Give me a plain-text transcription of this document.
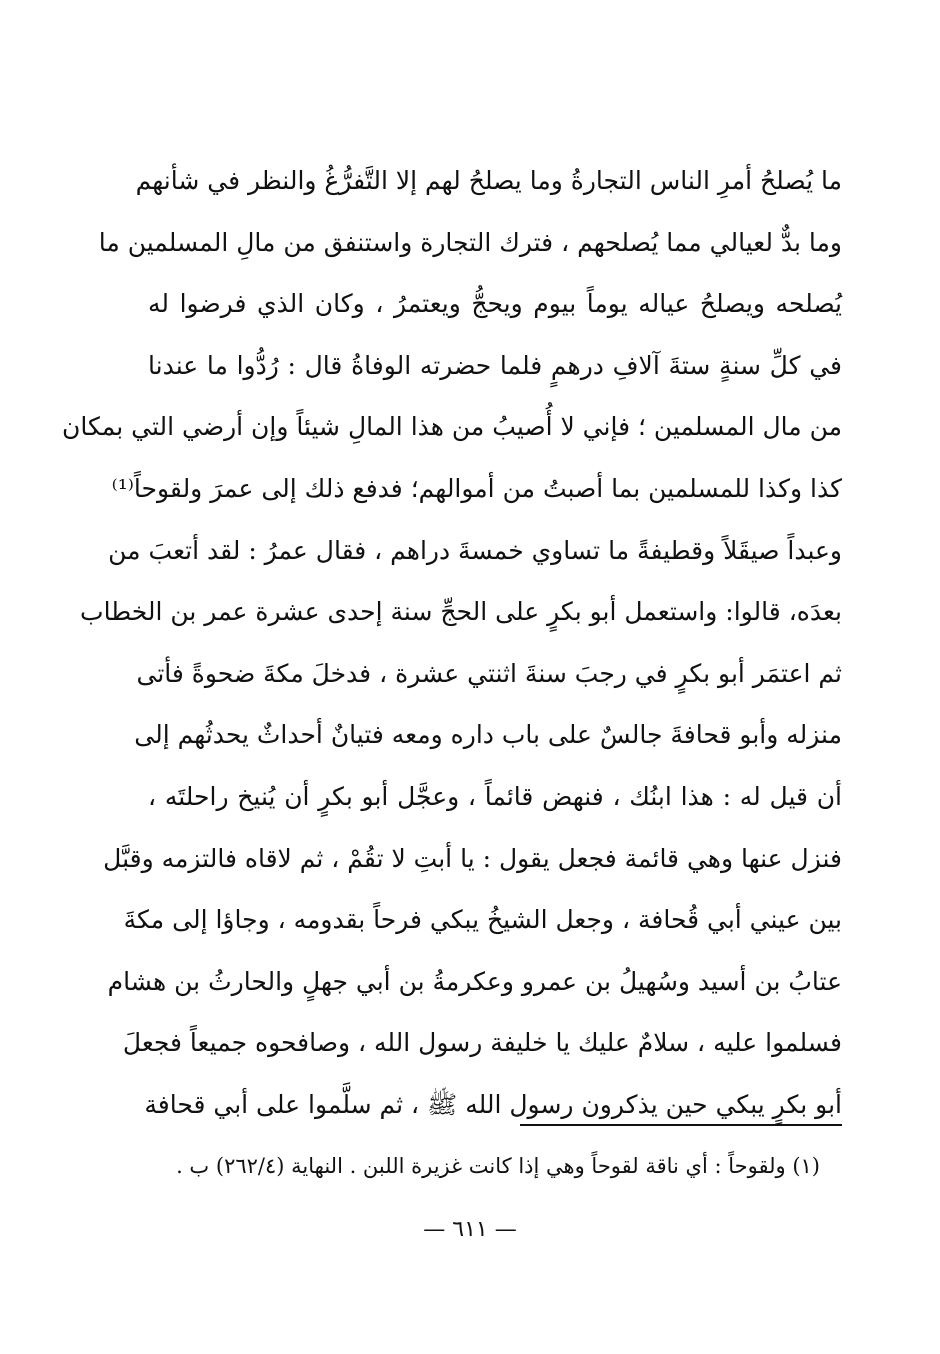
ما يُصلحُ أمرِ الناس التجارةُ وما يصلحُ لهم إلا التَّفرُّغُ والنظر في شأنهم
وما بدٌّ لعيالي مما يُصلحهم ، فترك التجارة واستنفق من مالِ المسلمين ما
يُصلحه ويصلحُ عياله يوماً بيوم ويحجُّ ويعتمرُ ، وكان الذي فرضوا له
في كلِّ سنةٍ ستةَ آلافِ درهمٍ فلما حضرته الوفاةُ قال : رُدُّوا ما عندنا
من مال المسلمين ؛ فإني لا أُصيبُ من هذا المالِ شيئاً وإن أرضي التي بمكان
كذا وكذا للمسلمين بما أصبتُ من أموالهم؛ فدفع ذلك إلى عمرَ ولقوحاً⁽¹⁾
وعبداً صيقَلاً وقطيفةً ما تساوي خمسةَ دراهم ، فقال عمرُ : لقد أتعبَ من
بعدَه، قالوا: واستعمل أبو بكرٍ على الحجِّ سنة إحدى عشرة عمر بن الخطاب
ثم اعتمَر أبو بكرٍ في رجبَ سنةَ اثنتي عشرة ، فدخلَ مكةَ ضحوةً فأتى
منزله وأبو قحافةَ جالسٌ على باب داره ومعه فتيانٌ أحداثٌ يحدثُهم إلى
أن قيل له : هذا ابنُك ، فنهض قائماً ، وعجَّل أبو بكرٍ أن يُنيخ راحلتَه ،
فنزل عنها وهي قائمة فجعل يقول : يا أبتِ لا تقُمْ ، ثم لاقاه فالتزمه وقبَّل
بين عيني أبي قُحافة ، وجعل الشيخُ يبكي فرحاً بقدومه ، وجاؤا إلى مكةَ
عتابُ بن أسيد وسُهيلُ بن عمرو وعكرمةُ بن أبي جهلٍ والحارثُ بن هشام
فسلموا عليه ، سلامٌ عليك يا خليفة رسول الله ، وصافحوه جميعاً فجعلَ
أبو بكرٍ يبكي حين يذكرون رسول الله ﷺ ، ثم سلَّموا على أبي قحافة
(١) ولقوحاً : أي ناقة لقوحاً وهي إذا كانت غزيرة اللبن . النهاية (٢٦٢/٤) ب .
— ٦١١ —
